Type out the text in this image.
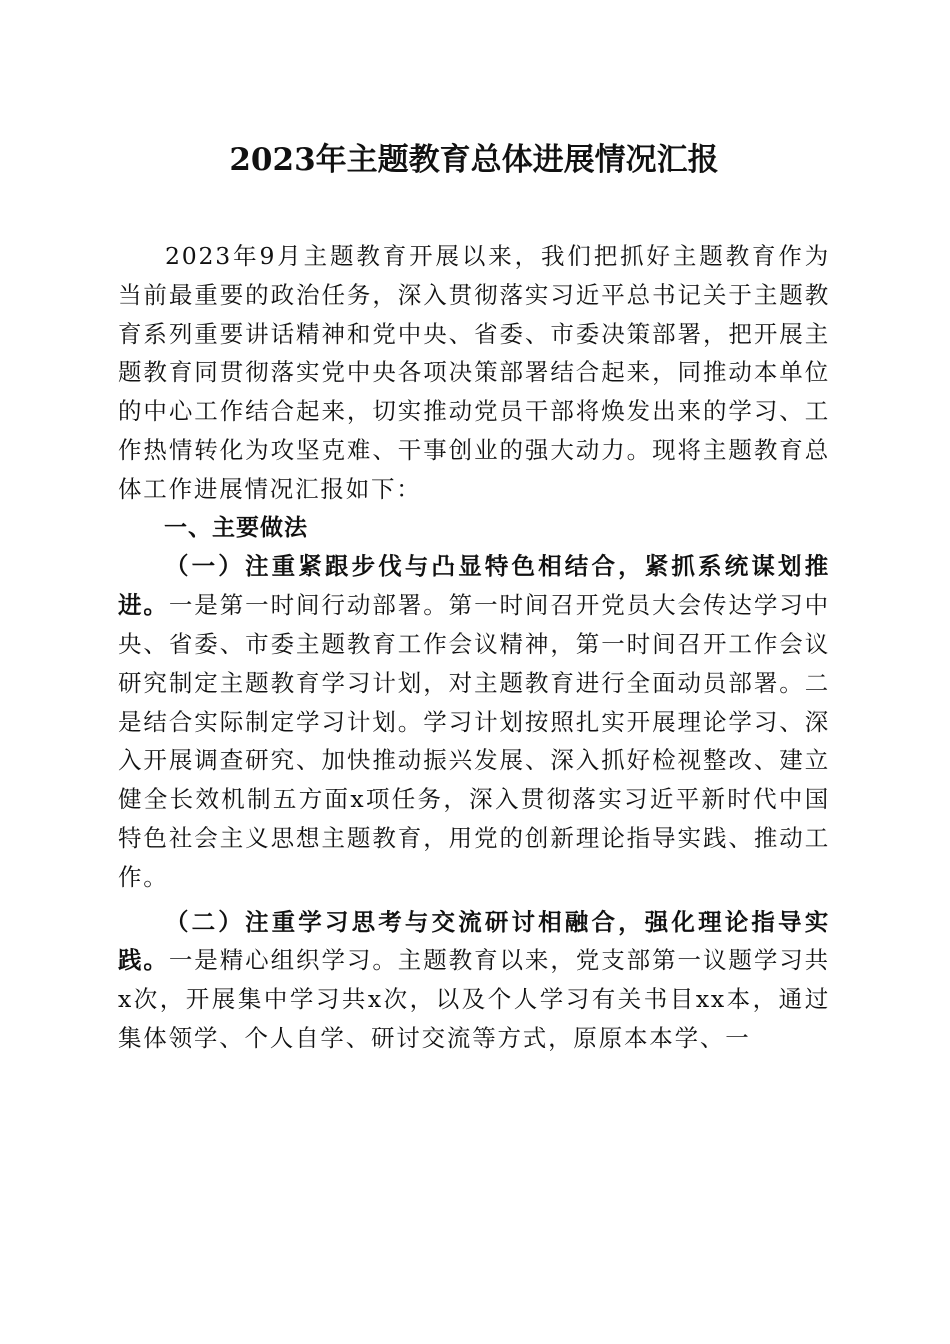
2023年主题教育总体进展情况汇报

2023年9月主题教育开展以来，我们把抓好主题教育作为当前最重要的政治任务，深入贯彻落实习近平总书记关于主题教育系列重要讲话精神和党中央、省委、市委决策部署，把开展主题教育同贯彻落实党中央各项决策部署结合起来，同推动本单位的中心工作结合起来，切实推动党员干部将焕发出来的学习、工作热情转化为攻坚克难、干事创业的强大动力。现将主题教育总体工作进展情况汇报如下：

一、主要做法

（一）注重紧跟步伐与凸显特色相结合，紧抓系统谋划推进。一是第一时间行动部署。第一时间召开党员大会传达学习中央、省委、市委主题教育工作会议精神，第一时间召开工作会议研究制定主题教育学习计划，对主题教育进行全面动员部署。二是结合实际制定学习计划。学习计划按照扎实开展理论学习、深入开展调查研究、加快推动振兴发展、深入抓好检视整改、建立健全长效机制五方面x项任务，深入贯彻落实习近平新时代中国特色社会主义思想主题教育，用党的创新理论指导实践、推动工作。

（二）注重学习思考与交流研讨相融合，强化理论指导实践。一是精心组织学习。主题教育以来，党支部第一议题学习共x次，开展集中学习共x次，以及个人学习有关书目xx本，通过集体领学、个人自学、研讨交流等方式，原原本本学、一
